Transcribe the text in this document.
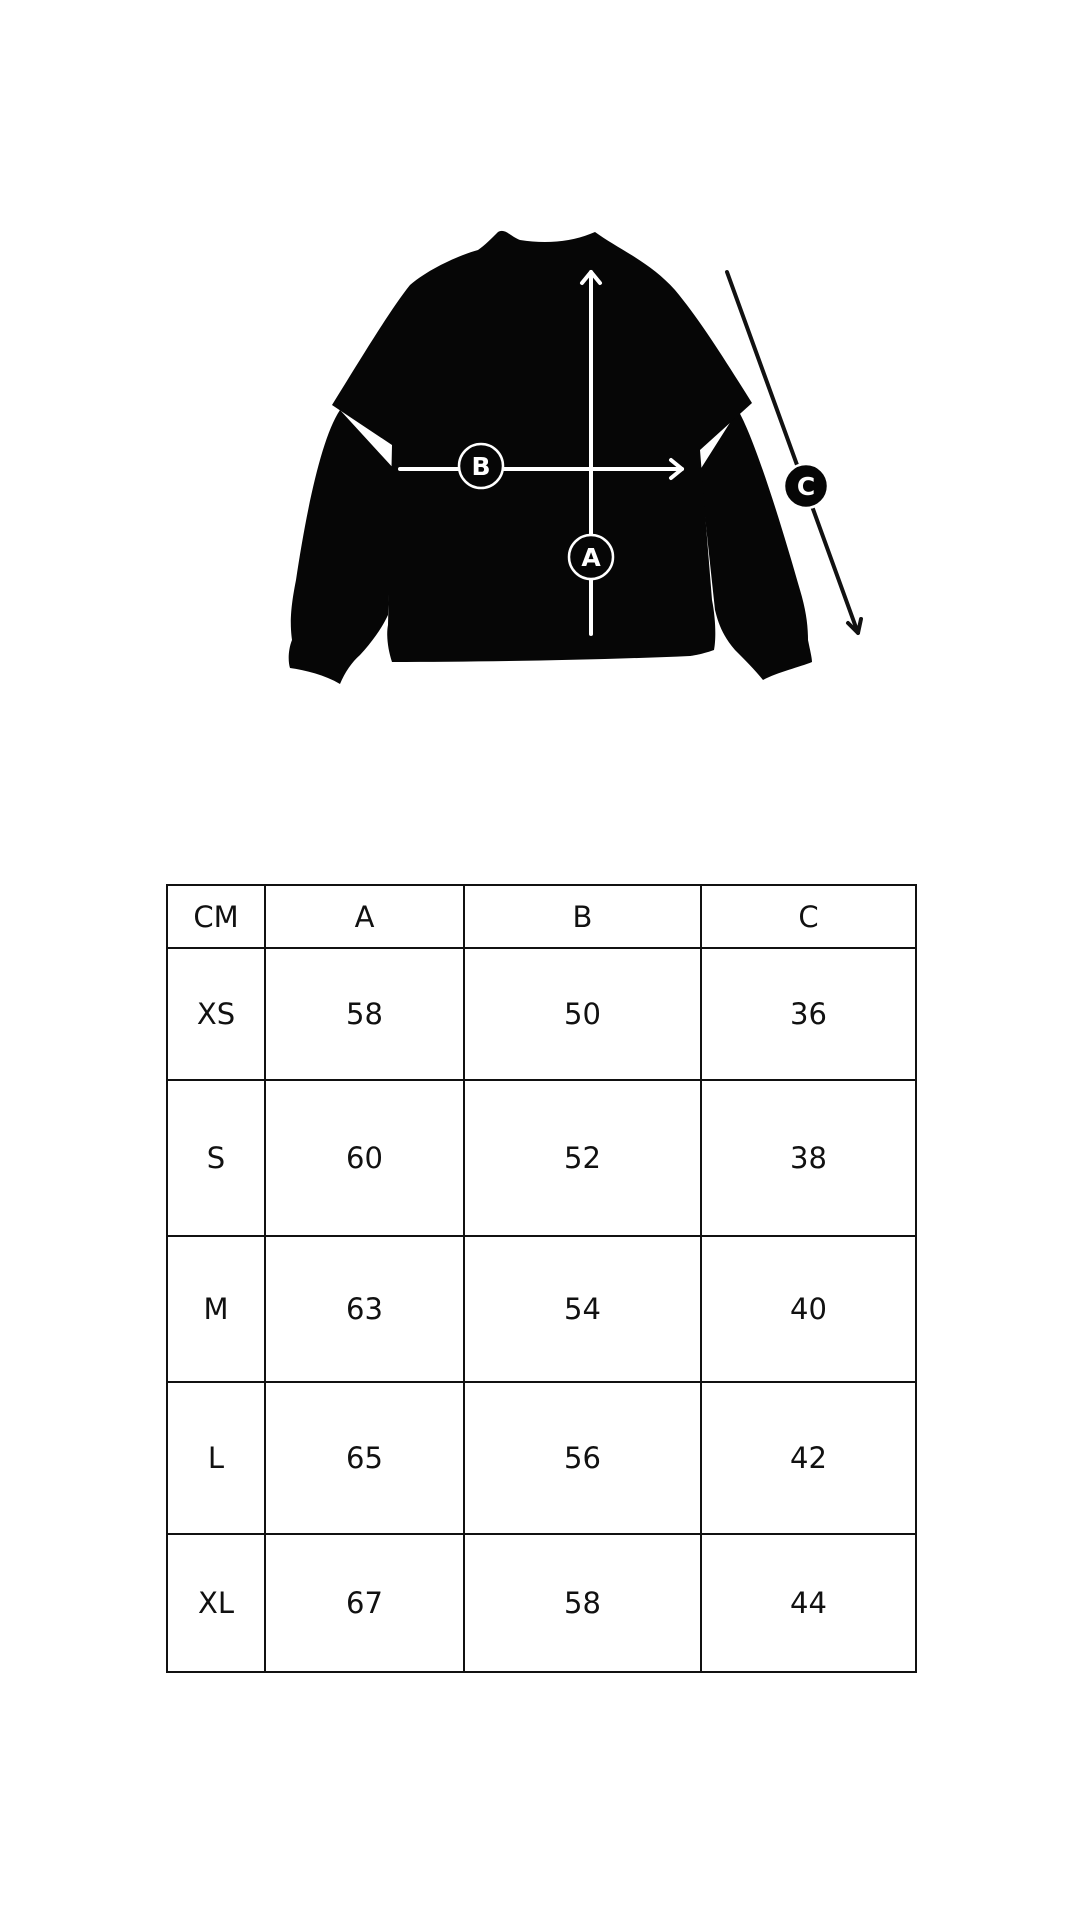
B
A
C
CM	A	B	C
XS	58	50	36
S	60	52	38
M	63	54	40
L	65	56	42
XL	67	58	44
